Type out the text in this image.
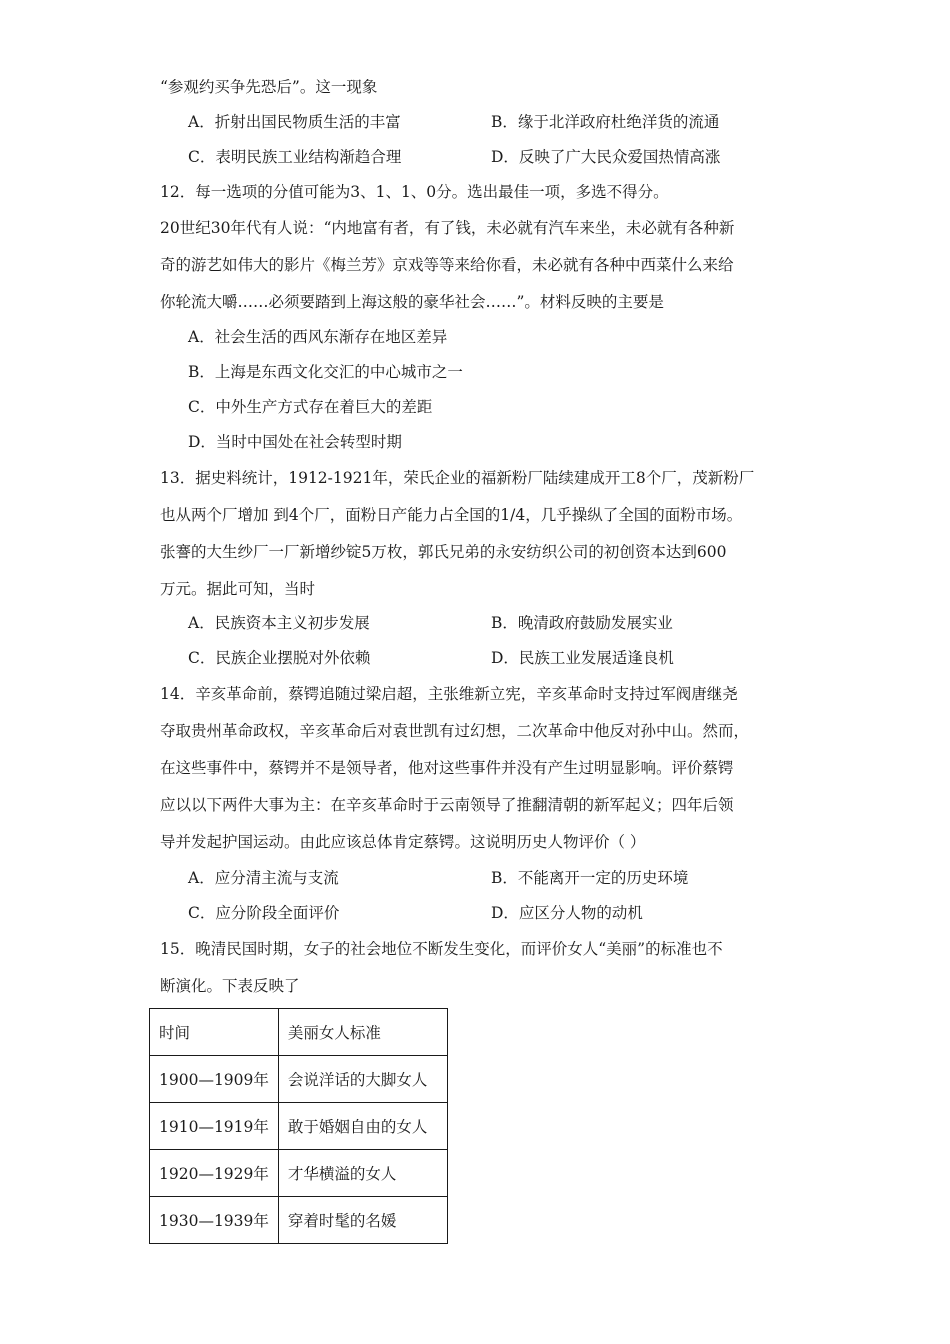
“参观约买争先恐后”。这一现象
A．折射出国民物质生活的丰富	B．缘于北洋政府杜绝洋货的流通
C．表明民族工业结构渐趋合理	D．反映了广大民众爱国热情高涨
12．每一选项的分值可能为3、1、1、0分。选出最佳一项，多选不得分。
20世纪30年代有人说：“内地富有者，有了钱，未必就有汽车来坐，未必就有各种新
奇的游艺如伟大的影片《梅兰芳》京戏等等来给你看，未必就有各种中西菜什么来给
你轮流大嚼……必须要踏到上海这般的豪华社会……”。材料反映的主要是
A．社会生活的西风东渐存在地区差异
B．上海是东西文化交汇的中心城市之一
C．中外生产方式存在着巨大的差距
D．当时中国处在社会转型时期
13．据史料统计，1912-1921年，荣氏企业的福新粉厂陆续建成开工8个厂，茂新粉厂
也从两个厂增加 到4个厂，面粉日产能力占全国的1/4，几乎操纵了全国的面粉市场。
张謇的大生纱厂一厂新增纱锭5万枚，郭氏兄弟的永安纺织公司的初创资本达到600
万元。据此可知，当时
A．民族资本主义初步发展	B．晚清政府鼓励发展实业
C．民族企业摆脱对外依赖	D．民族工业发展适逢良机
14．辛亥革命前，蔡锷追随过梁启超，主张维新立宪，辛亥革命时支持过军阀唐继尧
夺取贵州革命政权，辛亥革命后对袁世凯有过幻想，二次革命中他反对孙中山。然而，
在这些事件中，蔡锷并不是领导者，他对这些事件并没有产生过明显影响。评价蔡锷
应以以下两件大事为主：在辛亥革命时于云南领导了推翻清朝的新军起义；四年后领
导并发起护国运动。由此应该总体肯定蔡锷。这说明历史人物评价（ ）
A．应分清主流与支流	B．不能离开一定的历史环境
C．应分阶段全面评价	D．应区分人物的动机
15．晚清民国时期，女子的社会地位不断发生变化，而评价女人“美丽”的标准也不
断演化。下表反映了
时间	美丽女人标准
1900—1909年	会说洋话的大脚女人
1910—1919年	敢于婚姻自由的女人
1920—1929年	才华横溢的女人
1930—1939年	穿着时髦的名媛
